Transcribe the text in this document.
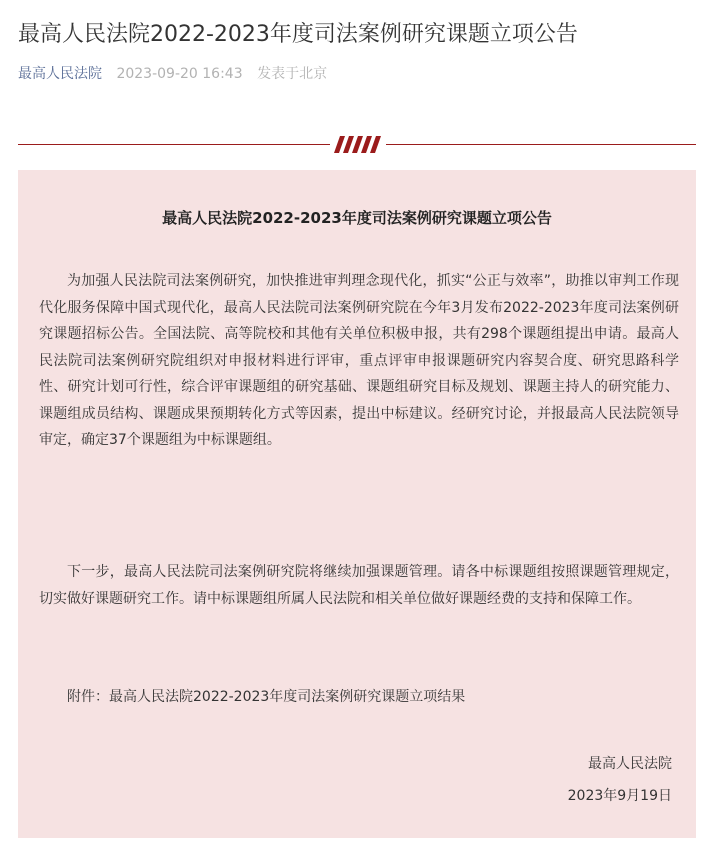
最高人民法院2022-2023年度司法案例研究课题立项公告
最高人民法院 2023-09-20 16:43 发表于北京
最高人民法院2022-2023年度司法案例研究课题立项公告

为加强人民法院司法案例研究，加快推进审判理念现代化，抓实“公正与效率”，助推以审判工作现代化服务保障中国式现代化，最高人民法院司法案例研究院在今年3月发布2022-2023年度司法案例研究课题招标公告。全国法院、高等院校和其他有关单位积极申报，共有298个课题组提出申请。最高人民法院司法案例研究院组织对申报材料进行评审，重点评审申报课题研究内容契合度、研究思路科学性、研究计划可行性，综合评审课题组的研究基础、课题组研究目标及规划、课题主持人的研究能力、课题组成员结构、课题成果预期转化方式等因素，提出中标建议。经研究讨论，并报最高人民法院领导审定，确定37个课题组为中标课题组。

下一步，最高人民法院司法案例研究院将继续加强课题管理。请各中标课题组按照课题管理规定，切实做好课题研究工作。请中标课题组所属人民法院和相关单位做好课题经费的支持和保障工作。

附件：最高人民法院2022-2023年度司法案例研究课题立项结果
最高人民法院
2023年9月19日
